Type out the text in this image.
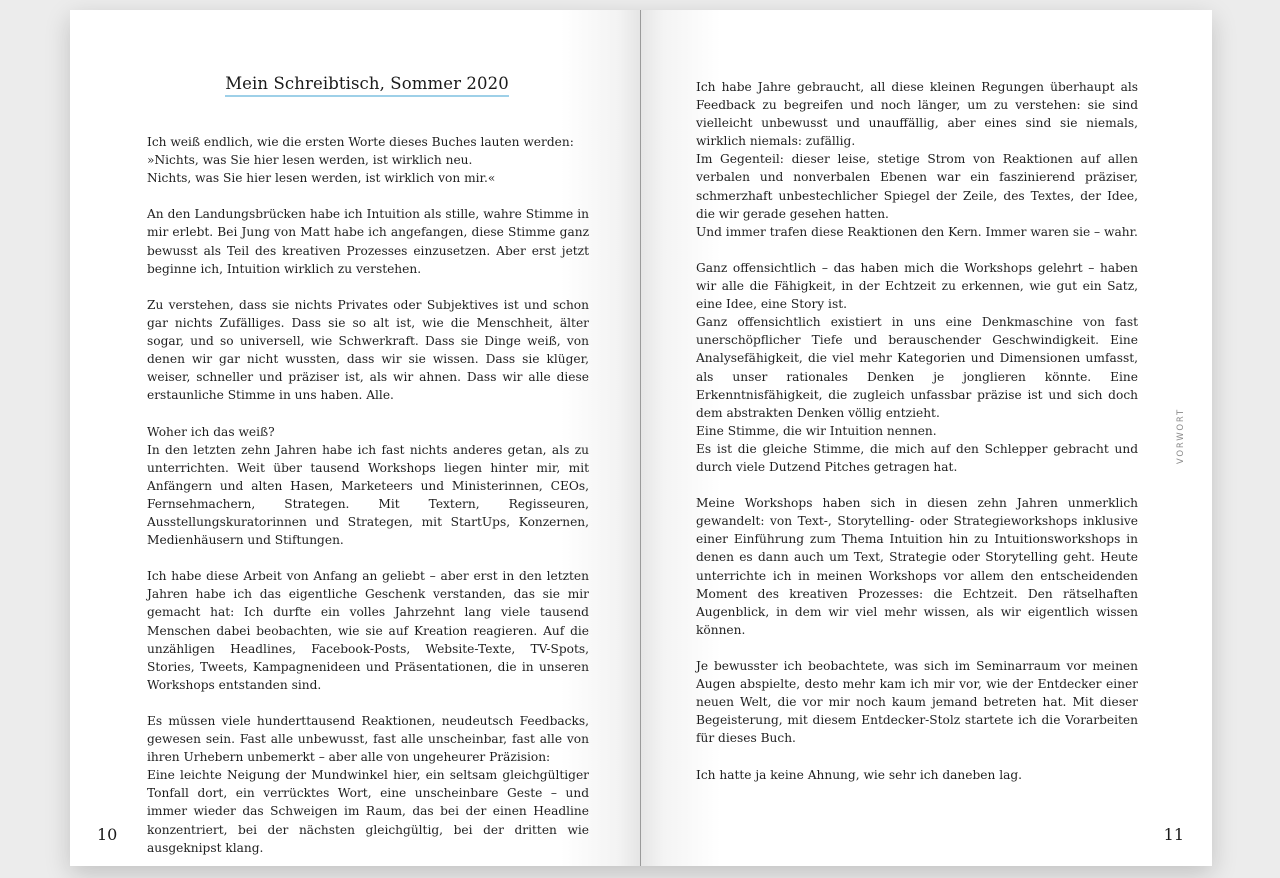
Mein Schreibtisch, Sommer 2020

Ich weiß endlich, wie die ersten Worte dieses Buches lauten werden:
»Nichts, was Sie hier lesen werden, ist wirklich neu.
Nichts, was Sie hier lesen werden, ist wirklich von mir.«

An den Landungsbrücken habe ich Intuition als stille, wahre Stimme in mir erlebt. Bei Jung von Matt habe ich angefangen, diese Stimme ganz bewusst als Teil des kreativen Prozesses einzusetzen. Aber erst jetzt beginne ich, Intuition wirklich zu verstehen.

Zu verstehen, dass sie nichts Privates oder Subjektives ist und schon gar nichts Zufälliges. Dass sie so alt ist, wie die Menschheit, älter sogar, und so universell, wie Schwerkraft. Dass sie Dinge weiß, von denen wir gar nicht wussten, dass wir sie wissen. Dass sie klüger, weiser, schneller und präziser ist, als wir ahnen. Dass wir alle diese erstaunliche Stimme in uns haben. Alle.

Woher ich das weiß?
In den letzten zehn Jahren habe ich fast nichts anderes getan, als zu unterrichten. Weit über tausend Workshops liegen hinter mir, mit Anfängern und alten Hasen, Marketeers und Ministerinnen, CEOs, Fernsehmachern, Strategen. Mit Textern, Regisseuren, Ausstellungskuratorinnen und Strategen, mit StartUps, Konzernen, Medienhäusern und Stiftungen.

Ich habe diese Arbeit von Anfang an geliebt – aber erst in den letzten Jahren habe ich das eigentliche Geschenk verstanden, das sie mir gemacht hat: Ich durfte ein volles Jahrzehnt lang viele tausend Menschen dabei beobachten, wie sie auf Kreation reagieren. Auf die unzähligen Headlines, Facebook-Posts, Website-Texte, TV-Spots, Stories, Tweets, Kampagnenideen und Präsentationen, die in unseren Workshops entstanden sind.

Es müssen viele hunderttausend Reaktionen, neudeutsch Feedbacks, gewesen sein. Fast alle unbewusst, fast alle unscheinbar, fast alle von ihren Urhebern unbemerkt – aber alle von ungeheurer Präzision:
Eine leichte Neigung der Mundwinkel hier, ein seltsam gleichgültiger Tonfall dort, ein verrücktes Wort, eine unscheinbare Geste – und immer wieder das Schweigen im Raum, das bei der einen Headline konzentriert, bei der nächsten gleichgültig, bei der dritten wie ausgeknipst klang.

10

Ich habe Jahre gebraucht, all diese kleinen Regungen überhaupt als Feedback zu begreifen und noch länger, um zu verstehen: sie sind vielleicht unbewusst und unauffällig, aber eines sind sie niemals, wirklich niemals: zufällig.
Im Gegenteil: dieser leise, stetige Strom von Reaktionen auf allen verbalen und nonverbalen Ebenen war ein faszinierend präziser, schmerzhaft unbestechlicher Spiegel der Zeile, des Textes, der Idee, die wir gerade gesehen hatten.
Und immer trafen diese Reaktionen den Kern. Immer waren sie – wahr.

Ganz offensichtlich – das haben mich die Workshops gelehrt – haben wir alle die Fähigkeit, in der Echtzeit zu erkennen, wie gut ein Satz, eine Idee, eine Story ist.
Ganz offensichtlich existiert in uns eine Denkmaschine von fast unerschöpflicher Tiefe und berauschender Geschwindigkeit. Eine Analysefähigkeit, die viel mehr Kategorien und Dimensionen umfasst, als unser rationales Denken je jonglieren könnte. Eine Erkenntnisfähigkeit, die zugleich unfassbar präzise ist und sich doch dem abstrakten Denken völlig entzieht.
Eine Stimme, die wir Intuition nennen.
Es ist die gleiche Stimme, die mich auf den Schlepper gebracht und durch viele Dutzend Pitches getragen hat.

Meine Workshops haben sich in diesen zehn Jahren unmerklich gewandelt: von Text-, Storytelling- oder Strategieworkshops inklusive einer Einführung zum Thema Intuition hin zu Intuitionsworkshops in denen es dann auch um Text, Strategie oder Storytelling geht. Heute unterrichte ich in meinen Workshops vor allem den entscheidenden Moment des kreativen Prozesses: die Echtzeit. Den rätselhaften Augenblick, in dem wir viel mehr wissen, als wir eigentlich wissen können.

Je bewusster ich beobachtete, was sich im Seminarraum vor meinen Augen abspielte, desto mehr kam ich mir vor, wie der Entdecker einer neuen Welt, die vor mir noch kaum jemand betreten hat. Mit dieser Begeisterung, mit diesem Entdecker-Stolz startete ich die Vorarbeiten für dieses Buch.

Ich hatte ja keine Ahnung, wie sehr ich daneben lag.

VORWORT
11
